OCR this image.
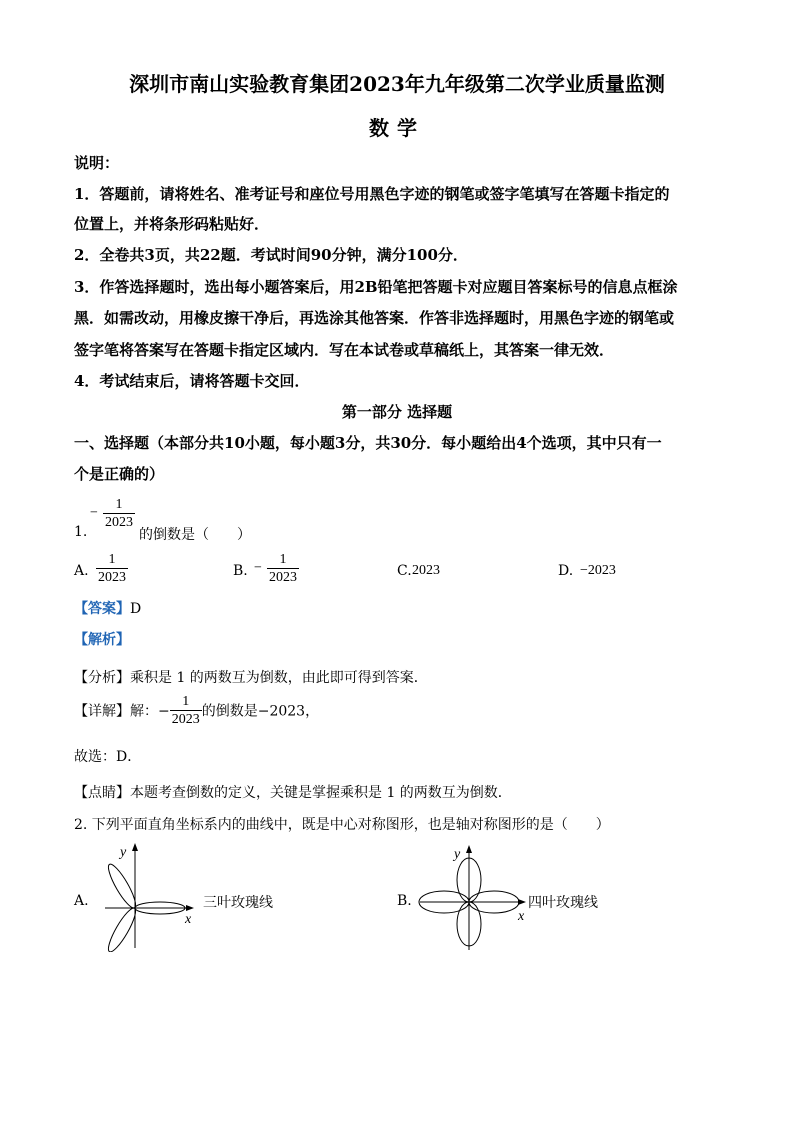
深圳市南山实验教育集团2023年九年级第二次学业质量监测
数学
说明：
1．答题前，请将姓名、准考证号和座位号用黑色字迹的钢笔或签字笔填写在答题卡指定的
位置上，并将条形码粘贴好．
2．全卷共3页，共22题．考试时间90分钟，满分100分．
3．作答选择题时，选出每小题答案后，用2B铅笔把答题卡对应题目答案标号的信息点框涂
黑．如需改动，用橡皮擦干净后，再选涂其他答案．作答非选择题时，用黑色字迹的钢笔或
签字笔将答案写在答题卡指定区域内．写在本试卷或草稿纸上，其答案一律无效．
4．考试结束后，请将答题卡交回．
第一部分 选择题
一、选择题（本部分共10小题，每小题3分，共30分．每小题给出4个选项，其中只有一
个是正确的）
− $\frac{1}{2023}$
1.	的倒数是（　　）
A. $\frac{1}{2023}$	B. − $\frac{1}{2023}$	C. 2023	D. −2023
【答案】D
【解析】
【分析】乘积是 1 的两数互为倒数，由此即可得到答案．
【详解】解：− $\frac{1}{2023}$ 的倒数是−2023，
故选：D．
【点睛】本题考查倒数的定义，关键是掌握乘积是 1 的两数互为倒数．
2. 下列平面直角坐标系内的曲线中，既是中心对称图形，也是轴对称图形的是（　　）
A.
y
x
三叶玫瑰线	B.
y
x
四叶玫瑰线
